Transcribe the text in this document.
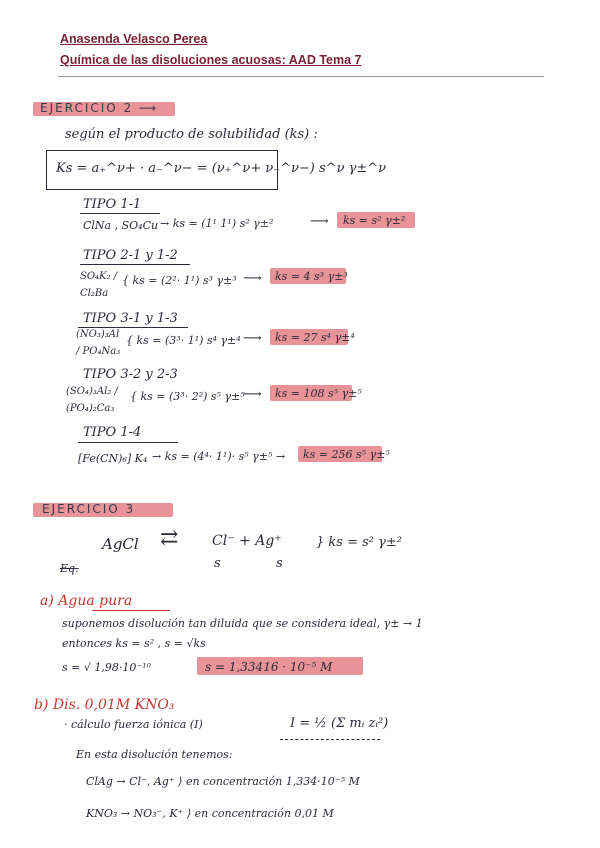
Anasenda Velasco Perea
Química de las disoluciones acuosas: AAD Tema 7
EJERCICIO 2 ⟶
según el producto de solubilidad (ks) :
Ks = a₊^ν+ · a₋^ν− = (ν₊^ν+ ν₋^ν−) s^ν γ±^ν
TIPO 1-1
ClNa , SO₄Cu → ks = (1¹ 1¹) s² γ±²	⟶ ks = s² γ±²
TIPO 2-1 y 1-2
SO₄K₂ / Cl₂Ba
{ ks = (2²· 1¹) s³ γ±³ ⟶ ks = 4 s³ γ±³
TIPO 3-1 y 1-3
(NO₃)₃Al / PO₄Na₃
{ ks = (3³· 1¹) s⁴ γ±⁴ ⟶ ks = 27 s⁴ γ±⁴
TIPO 3-2 y 2-3
(SO₄)₃Al₂ / (PO₄)₂Ca₃
{ ks = (3³· 2²) s⁵ γ±⁵
⟶ ks = 108 s⁵ γ±⁵
TIPO 1-4
[Fe(CN)₆] K₄ → ks = (4⁴· 1¹)· s⁵ γ±⁵ → ks = 256 s⁵ γ±⁵
EJERCICIO 3
AgCl ⇄ Cl⁻ + Ag⁺	} ks = s² γ±²
Eq.	s	s
a) Agua pura
suponemos disolución tan diluida que se considera ideal, γ± → 1
entonces ks = s² , s = √ks
s = √ 1,98·10⁻¹⁰	s = 1,33416 · 10⁻⁵ M
b) Dis. 0,01M KNO₃
· cálculo fuerza iónica (I)	I = ½ (Σ mᵢ zᵢ²)
En esta disolución tenemos:
ClAg → Cl⁻, Ag⁺ ⟩ en concentración 1,334·10⁻⁵ M
KNO₃ → NO₃⁻, K⁺ ⟩ en concentración 0,01 M
